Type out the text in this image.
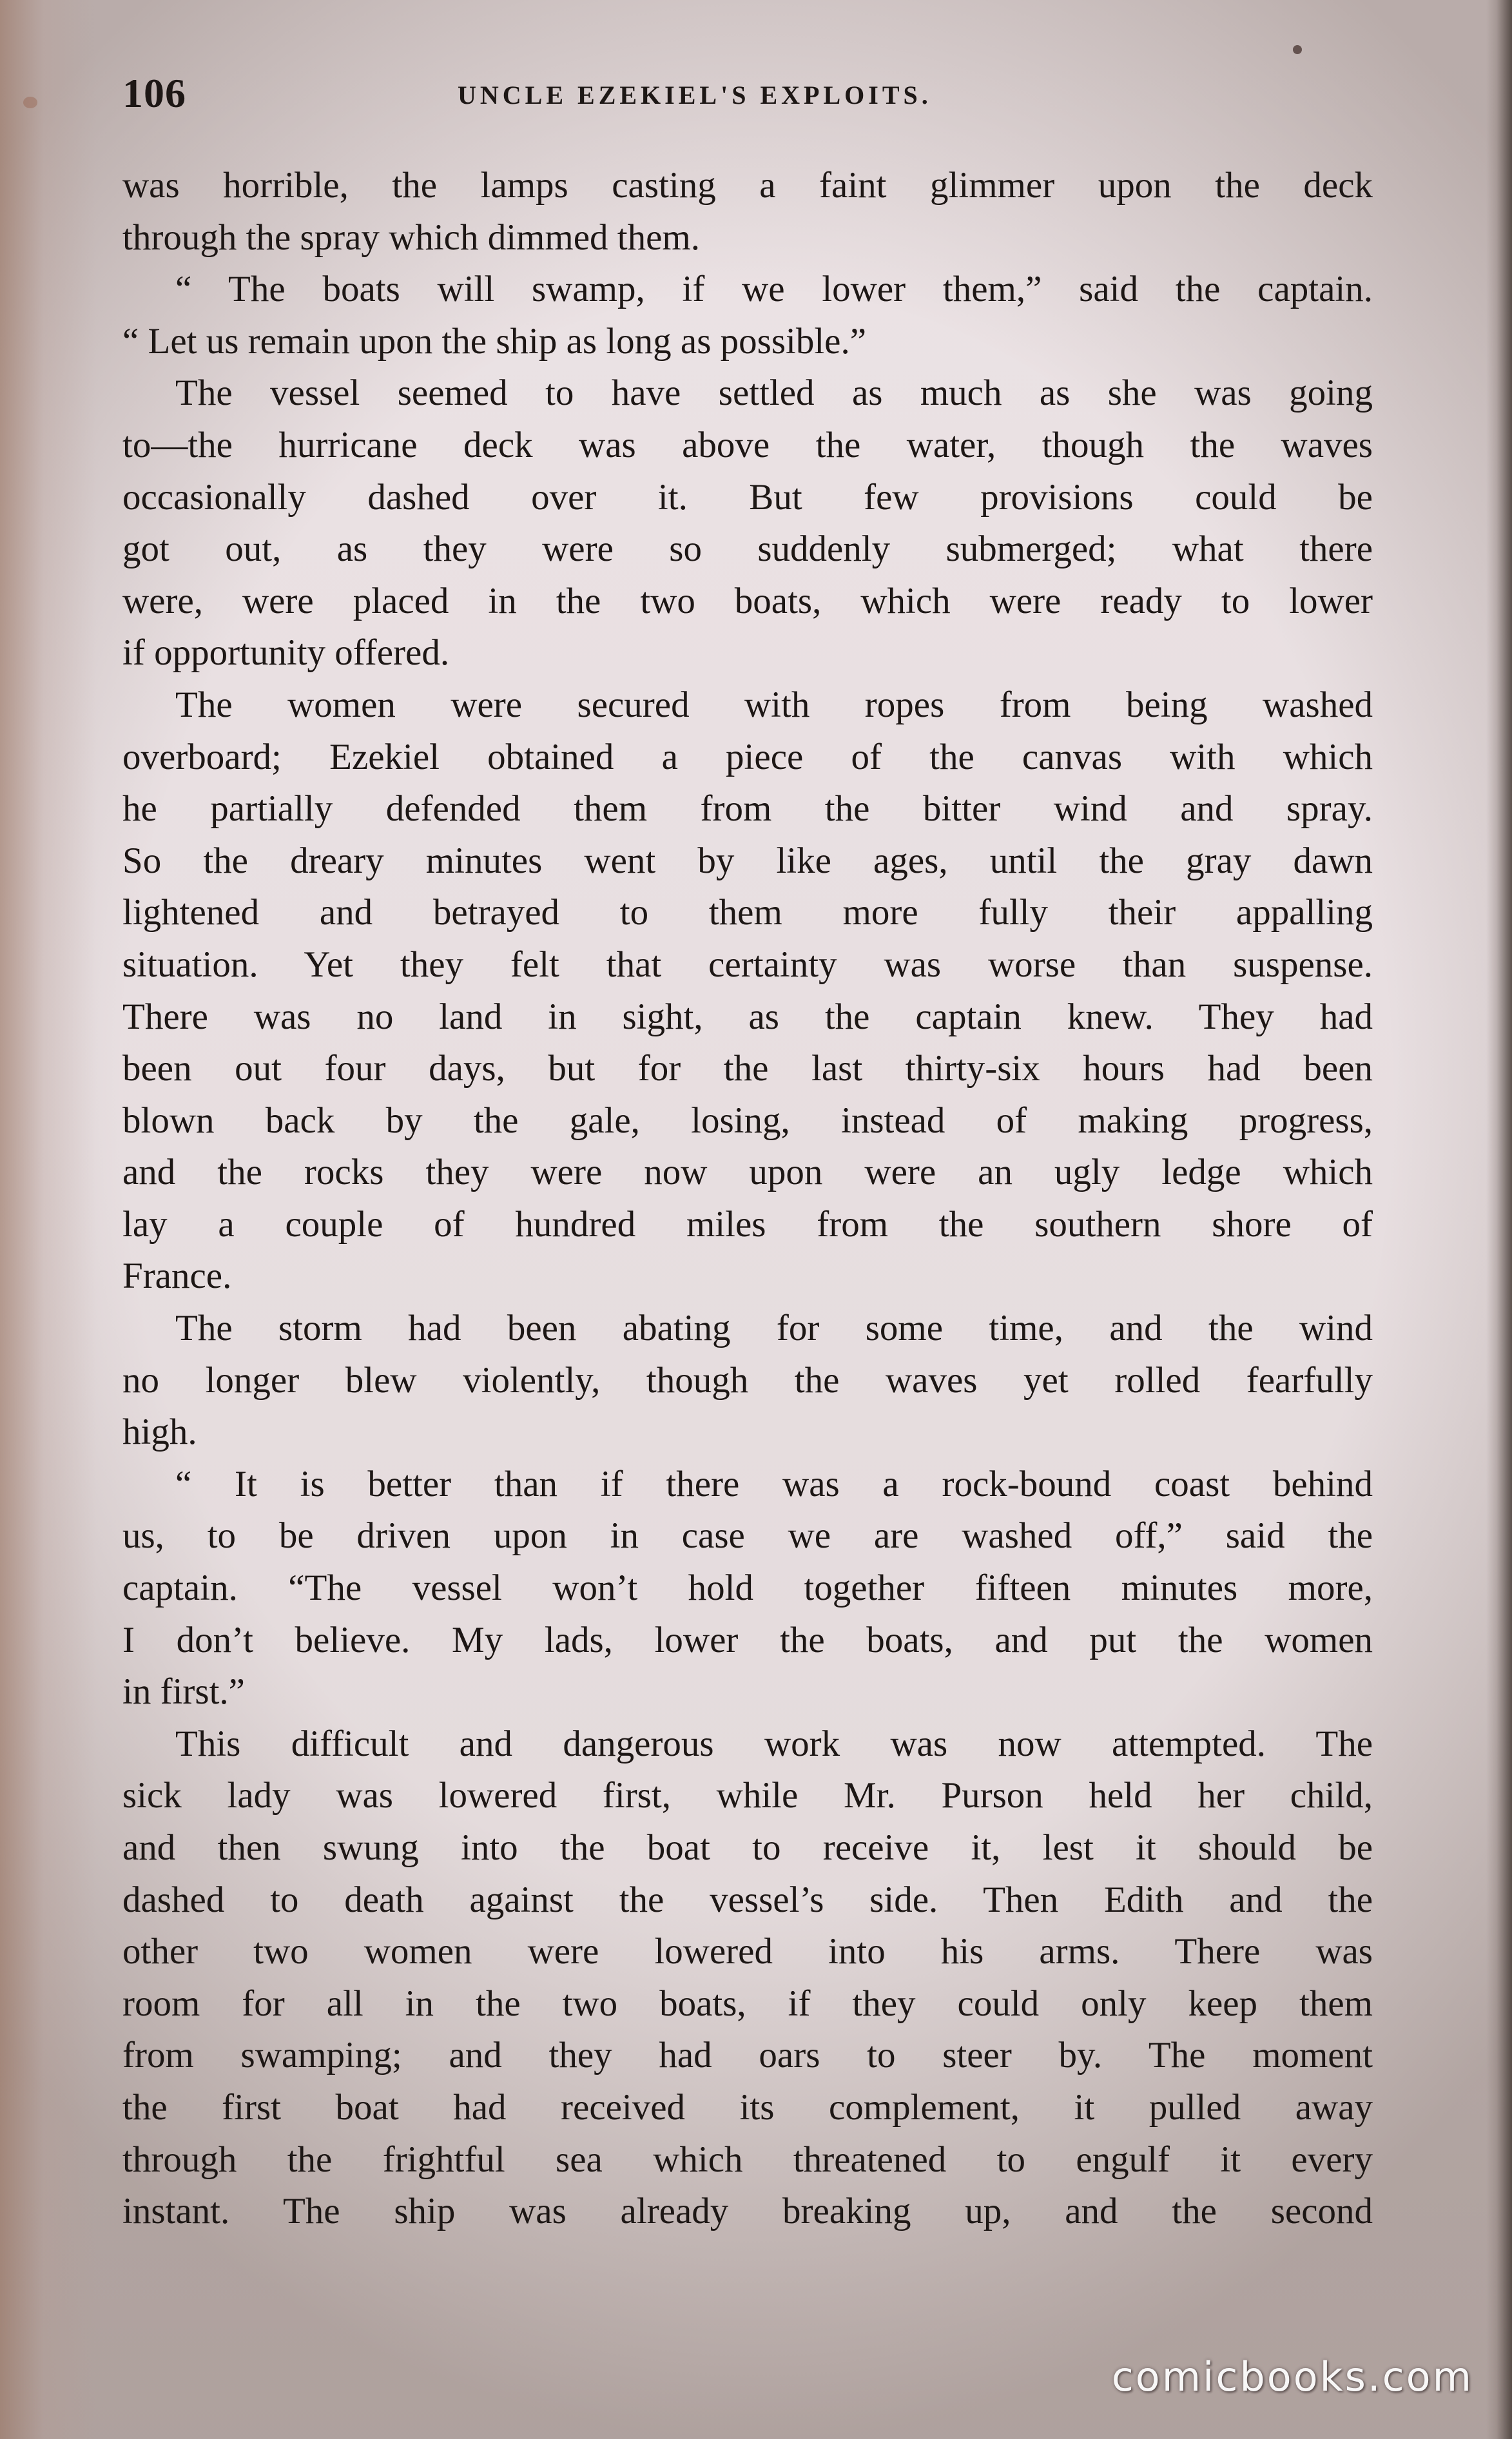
106	UNCLE EZEKIEL'S EXPLOITS.
was horrible, the lamps casting a faint glimmer upon the deck
through the spray which dimmed them.
“ The boats will swamp, if we lower them,” said the captain.
“ Let us remain upon the ship as long as possible.”
The vessel seemed to have settled as much as she was going
to—the hurricane deck was above the water, though the waves
occasionally dashed over it. But few provisions could be
got out, as they were so suddenly submerged; what there
were, were placed in the two boats, which were ready to lower
if opportunity offered.
The women were secured with ropes from being washed
overboard; Ezekiel obtained a piece of the canvas with which
he partially defended them from the bitter wind and spray.
So the dreary minutes went by like ages, until the gray dawn
lightened and betrayed to them more fully their appalling
situation. Yet they felt that certainty was worse than suspense.
There was no land in sight, as the captain knew. They had
been out four days, but for the last thirty-six hours had been
blown back by the gale, losing, instead of making progress,
and the rocks they were now upon were an ugly ledge which
lay a couple of hundred miles from the southern shore of
France.
The storm had been abating for some time, and the wind
no longer blew violently, though the waves yet rolled fearfully
high.
“ It is better than if there was a rock-bound coast behind
us, to be driven upon in case we are washed off,” said the
captain. “The vessel won’t hold together fifteen minutes more,
I don’t believe. My lads, lower the boats, and put the women
in first.”
This difficult and dangerous work was now attempted. The
sick lady was lowered first, while Mr. Purson held her child,
and then swung into the boat to receive it, lest it should be
dashed to death against the vessel’s side. Then Edith and the
other two women were lowered into his arms. There was
room for all in the two boats, if they could only keep them
from swamping; and they had oars to steer by. The moment
the first boat had received its complement, it pulled away
through the frightful sea which threatened to engulf it every
instant. The ship was already breaking up, and the second
comicbooks.com
